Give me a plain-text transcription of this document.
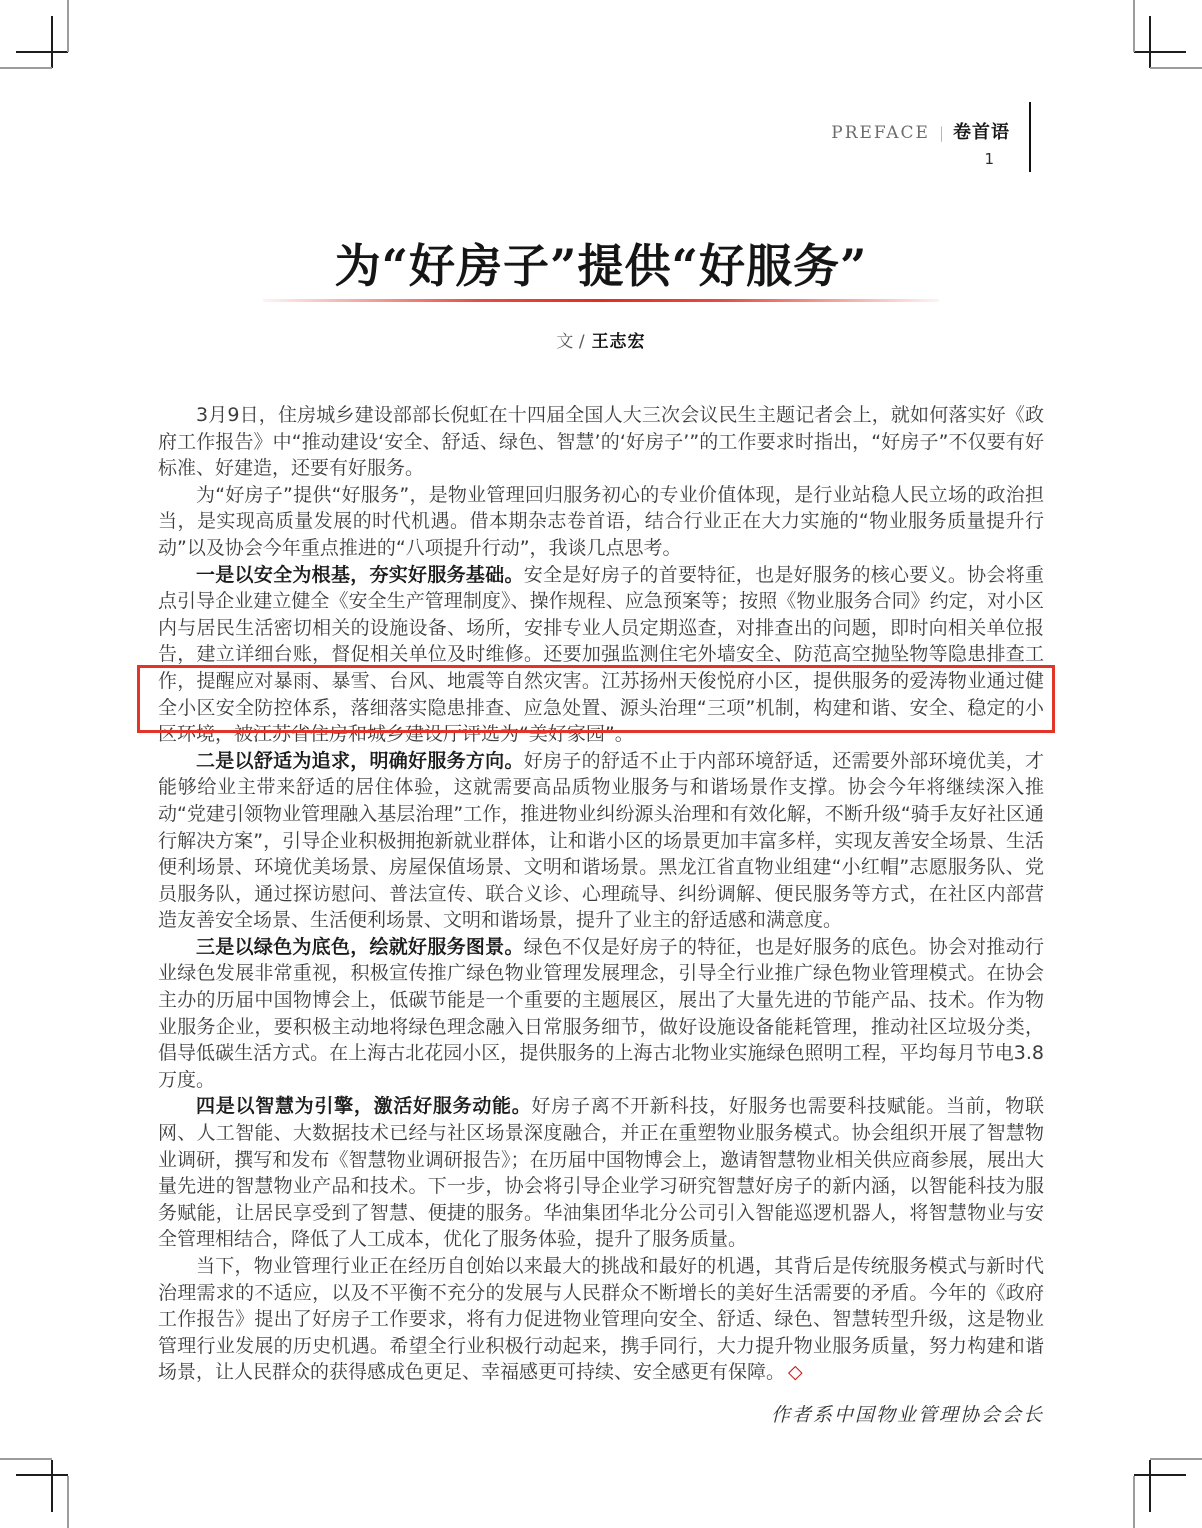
PREFACE | 卷首语
1
为“好房子”提供“好服务”
文 / 王志宏

3月9日，住房城乡建设部部长倪虹在十四届全国人大三次会议民生主题记者会上，就如何落实好《政府工作报告》中“推动建设‘安全、舒适、绿色、智慧’的‘好房子’”的工作要求时指出，“好房子”不仅要有好标准、好建造，还要有好服务。

为“好房子”提供“好服务”，是物业管理回归服务初心的专业价值体现，是行业站稳人民立场的政治担当，是实现高质量发展的时代机遇。借本期杂志卷首语，结合行业正在大力实施的“物业服务质量提升行动”以及协会今年重点推进的“八项提升行动”，我谈几点思考。

一是以安全为根基，夯实好服务基础。安全是好房子的首要特征，也是好服务的核心要义。协会将重点引导企业建立健全《安全生产管理制度》、操作规程、应急预案等；按照《物业服务合同》约定，对小区内与居民生活密切相关的设施设备、场所，安排专业人员定期巡查，对排查出的问题，即时向相关单位报告，建立详细台账，督促相关单位及时维修。还要加强监测住宅外墙安全、防范高空抛坠物等隐患排查工作，提醒应对暴雨、暴雪、台风、地震等自然灾害。江苏扬州天俊悦府小区，提供服务的爱涛物业通过健全小区安全防控体系，落细落实隐患排查、应急处置、源头治理“三项”机制，构建和谐、安全、稳定的小区环境，被江苏省住房和城乡建设厅评选为“美好家园”。

二是以舒适为追求，明确好服务方向。好房子的舒适不止于内部环境舒适，还需要外部环境优美，才能够给业主带来舒适的居住体验，这就需要高品质物业服务与和谐场景作支撑。协会今年将继续深入推动“党建引领物业管理融入基层治理”工作，推进物业纠纷源头治理和有效化解，不断升级“骑手友好社区通行解决方案”，引导企业积极拥抱新就业群体，让和谐小区的场景更加丰富多样，实现友善安全场景、生活便利场景、环境优美场景、房屋保值场景、文明和谐场景。黑龙江省直物业组建“小红帽”志愿服务队、党员服务队，通过探访慰问、普法宣传、联合义诊、心理疏导、纠纷调解、便民服务等方式，在社区内部营造友善安全场景、生活便利场景、文明和谐场景，提升了业主的舒适感和满意度。

三是以绿色为底色，绘就好服务图景。绿色不仅是好房子的特征，也是好服务的底色。协会对推动行业绿色发展非常重视，积极宣传推广绿色物业管理发展理念，引导全行业推广绿色物业管理模式。在协会主办的历届中国物博会上，低碳节能是一个重要的主题展区，展出了大量先进的节能产品、技术。作为物业服务企业，要积极主动地将绿色理念融入日常服务细节，做好设施设备能耗管理，推动社区垃圾分类，倡导低碳生活方式。在上海古北花园小区，提供服务的上海古北物业实施绿色照明工程，平均每月节电3.8万度。

四是以智慧为引擎，激活好服务动能。好房子离不开新科技，好服务也需要科技赋能。当前，物联网、人工智能、大数据技术已经与社区场景深度融合，并正在重塑物业服务模式。协会组织开展了智慧物业调研，撰写和发布《智慧物业调研报告》；在历届中国物博会上，邀请智慧物业相关供应商参展，展出大量先进的智慧物业产品和技术。下一步，协会将引导企业学习研究智慧好房子的新内涵，以智能科技为服务赋能，让居民享受到了智慧、便捷的服务。华油集团华北分公司引入智能巡逻机器人，将智慧物业与安全管理相结合，降低了人工成本，优化了服务体验，提升了服务质量。

当下，物业管理行业正在经历自创始以来最大的挑战和最好的机遇，其背后是传统服务模式与新时代治理需求的不适应，以及不平衡不充分的发展与人民群众不断增长的美好生活需要的矛盾。今年的《政府工作报告》提出了好房子工作要求，将有力促进物业管理向安全、舒适、绿色、智慧转型升级，这是物业管理行业发展的历史机遇。希望全行业积极行动起来，携手同行，大力提升物业服务质量，努力构建和谐场景，让人民群众的获得感成色更足、幸福感更可持续、安全感更有保障。 ◇

作者系中国物业管理协会会长
